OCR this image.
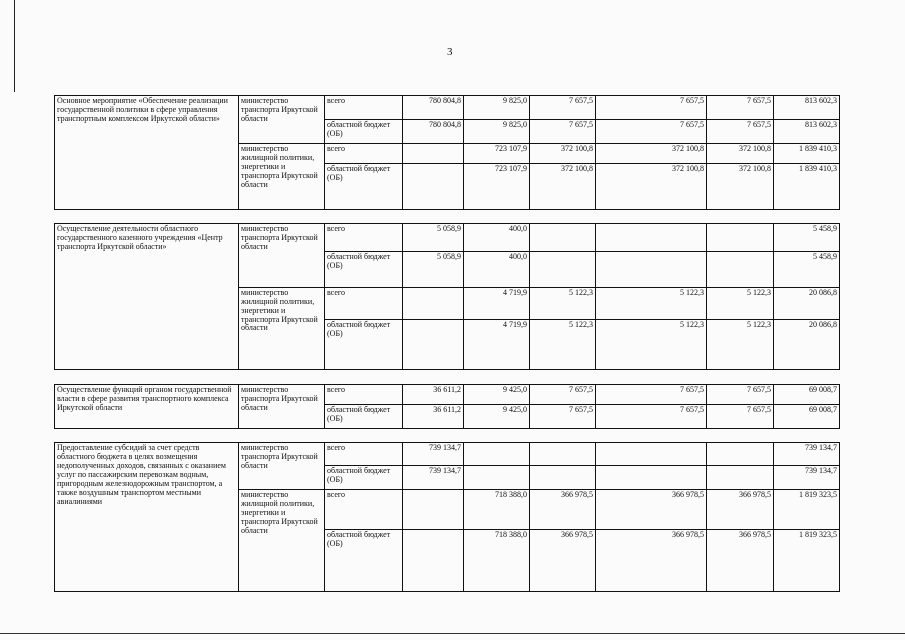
3
Основное мероприятие «Обеспечение реализации государственной политики в сфере управления транспортным комплексом Иркутской области»	министерство транспорта Иркутской области	всего	780 804,8	9 825,0	7 657,5	7 657,5	7 657,5	813 602,3
		областной бюджет (ОБ)	780 804,8	9 825,0	7 657,5	7 657,5	7 657,5	813 602,3
	министерство жилищной политики, энергетики и транспорта Иркутской области	всего		723 107,9	372 100,8	372 100,8	372 100,8	1 839 410,3
		областной бюджет (ОБ)		723 107,9	372 100,8	372 100,8	372 100,8	1 839 410,3

Осуществление деятельности областного государственного казенного учреждения «Центр транспорта Иркутской области»	министерство транспорта Иркутской области	всего	5 058,9	400,0				5 458,9
		областной бюджет (ОБ)	5 058,9	400,0				5 458,9
	министерство жилищной политики, энергетики и транспорта Иркутской области	всего		4 719,9	5 122,3	5 122,3	5 122,3	20 086,8
		областной бюджет (ОБ)		4 719,9	5 122,3	5 122,3	5 122,3	20 086,8

Осуществление функций органом государственной власти в сфере развития транспортного комплекса Иркутской области	министерство транспорта Иркутской области	всего	36 611,2	9 425,0	7 657,5	7 657,5	7 657,5	69 008,7
		областной бюджет (ОБ)	36 611,2	9 425,0	7 657,5	7 657,5	7 657,5	69 008,7

Предоставление субсидий за счет средств областного бюджета в целях возмещения недополученных доходов, связанных с оказанием услуг по пассажирским перевозкам водным, пригородным железнодорожным транспортом, а также воздушным транспортом местными авиалиниями	министерство транспорта Иркутской области	всего	739 134,7					739 134,7
		областной бюджет (ОБ)	739 134,7					739 134,7
	министерство жилищной политики, энергетики и транспорта Иркутской области	всего		718 388,0	366 978,5	366 978,5	366 978,5	1 819 323,5
		областной бюджет (ОБ)		718 388,0	366 978,5	366 978,5	366 978,5	1 819 323,5
